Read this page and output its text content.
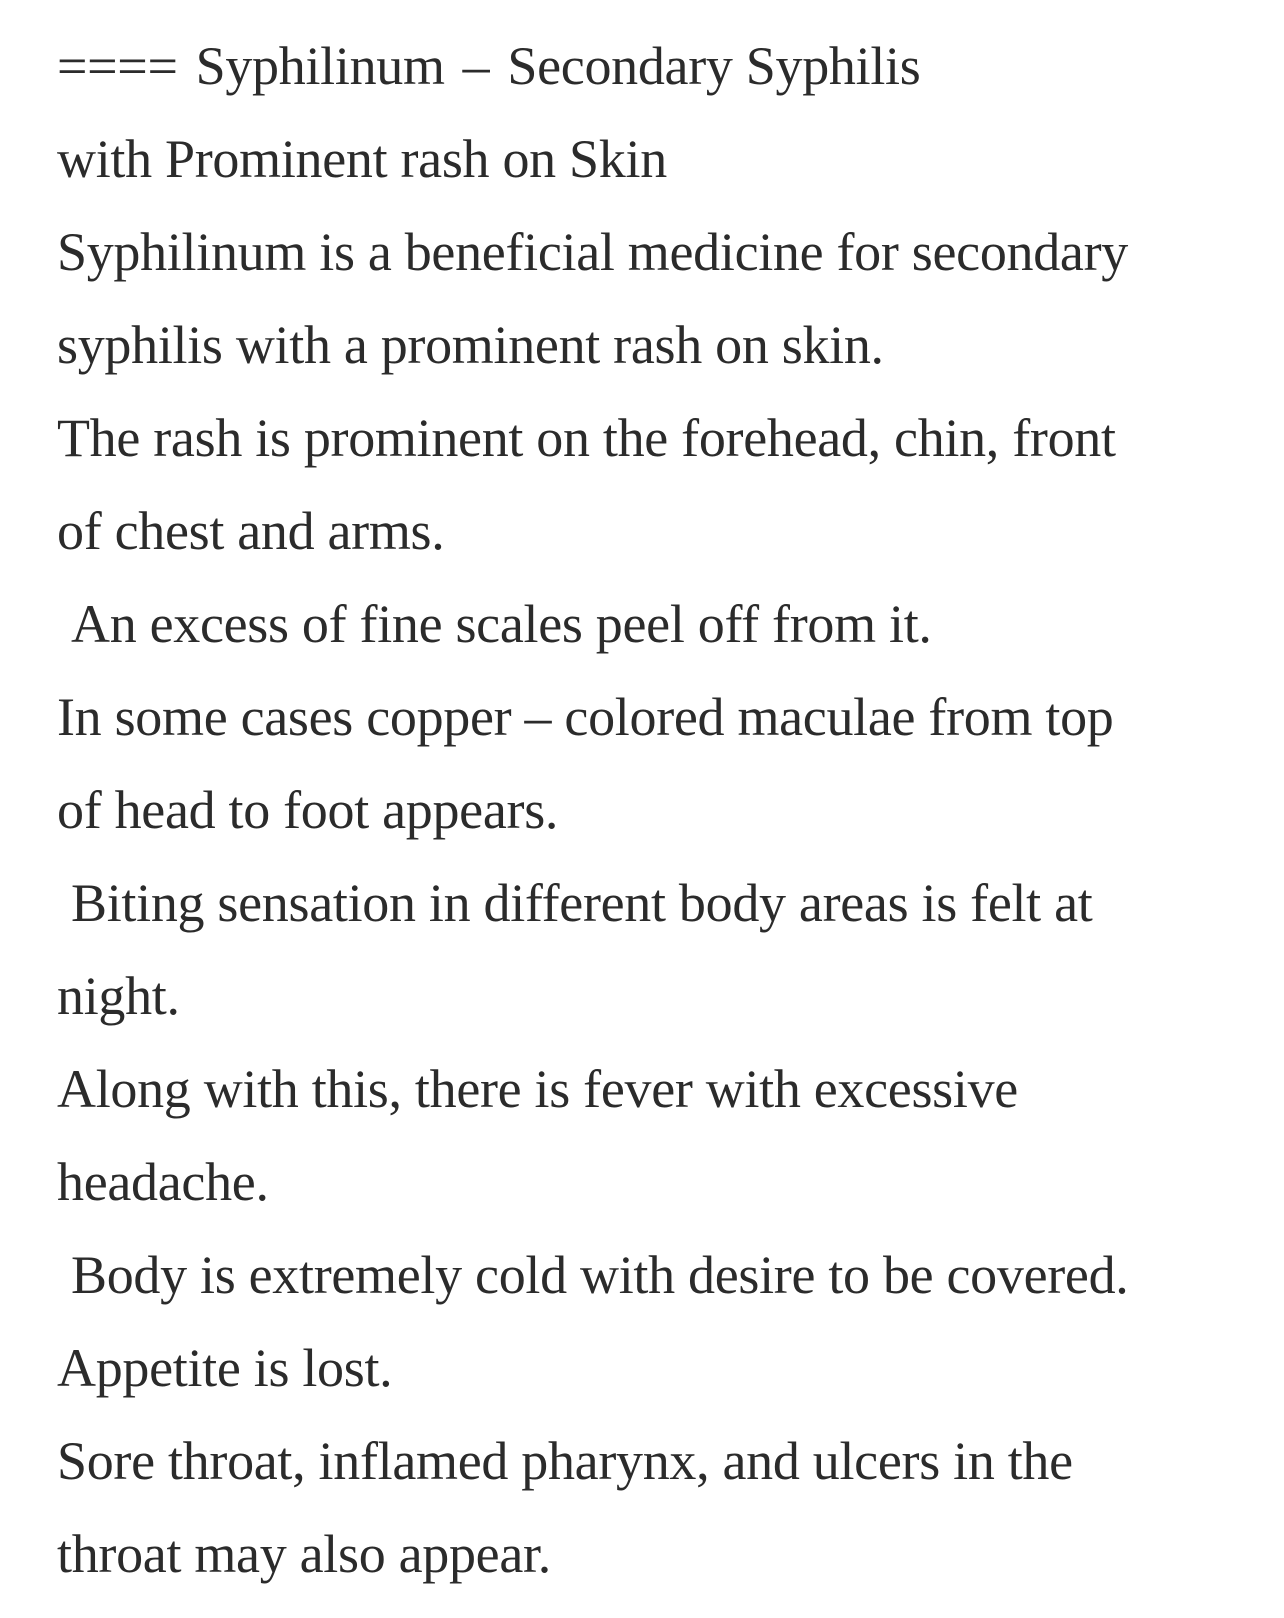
==== Syphilinum – Secondary Syphilis
with Prominent rash on Skin
Syphilinum is a beneficial medicine for secondary
syphilis with a prominent rash on skin.
The rash is prominent on the forehead, chin, front
of chest and arms.
An excess of fine scales peel off from it.
In some cases copper – colored maculae from top
of head to foot appears.
Biting sensation in different body areas is felt at
night.
Along with this, there is fever with excessive
headache.
Body is extremely cold with desire to be covered.
Appetite is lost.
Sore throat, inflamed pharynx, and ulcers in the
throat may also appear.
